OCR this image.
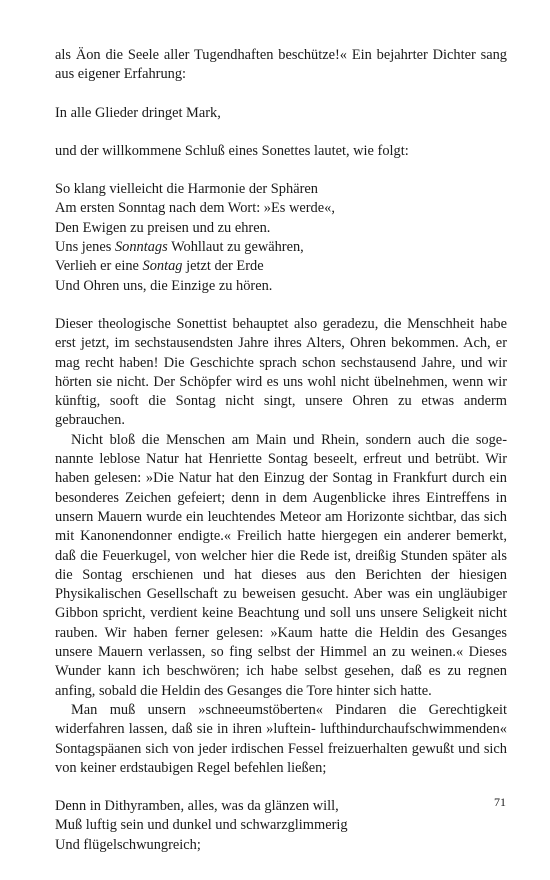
als Äon die Seele aller Tugendhaften beschütze!« Ein bejahrter Dichter sang aus eigener Erfahrung:

In alle Glieder dringet Mark,

und der willkommene Schluß eines Sonettes lautet, wie folgt:

So klang vielleicht die Harmonie der Sphären
Am ersten Sonntag nach dem Wort: »Es werde«,
Den Ewigen zu preisen und zu ehren.
Uns jenes Sonntags Wohllaut zu gewähren,
Verlieh er eine Sontag jetzt der Erde
Und Ohren uns, die Einzige zu hören.

Dieser theologische Sonettist behauptet also geradezu, die Menschheit habe erst jetzt, im sechstausendsten Jahre ihres Alters, Ohren bekommen. Ach, er mag recht haben! Die Geschichte sprach schon sechstausend Jahre, und wir hörten sie nicht. Der Schöpfer wird es uns wohl nicht übelnehmen, wenn wir künftig, sooft die Sontag nicht singt, unsere Ohren zu etwas anderm gebrauchen.

Nicht bloß die Menschen am Main und Rhein, sondern auch die sogenannte leblose Natur hat Henriette Sontag beseelt, erfreut und betrübt. Wir haben gelesen: »Die Natur hat den Einzug der Sontag in Frankfurt durch ein besonderes Zeichen gefeiert; denn in dem Augenblicke ihres Eintreffens in unsern Mauern wurde ein leuchtendes Meteor am Horizonte sichtbar, das sich mit Kanonendonner endigte.« Freilich hatte hiergegen ein anderer bemerkt, daß die Feuerkugel, von welcher hier die Rede ist, dreißig Stunden später als die Sontag erschienen und hat dieses aus den Berichten der hiesigen Physikalischen Gesellschaft zu beweisen gesucht. Aber was ein ungläubiger Gibbon spricht, verdient keine Beachtung und soll uns unsere Seligkeit nicht rauben. Wir haben ferner gelesen: »Kaum hatte die Heldin des Gesanges unsere Mauern verlassen, so fing selbst der Himmel an zu weinen.« Dieses Wunder kann ich beschwören; ich habe selbst gesehen, daß es zu regnen anfing, sobald die Heldin des Gesanges die Tore hinter sich hatte.

Man muß unsern »schneeumstöberten« Pindaren die Gerechtigkeit widerfahren lassen, daß sie in ihren »luftein- lufthindurchaufschwimmenden« Sontagspäanen sich von jeder irdischen Fessel freizuerhalten gewußt und sich von keiner erdstaubigen Regel befehlen ließen;

Denn in Dithyramben, alles, was da glänzen will,
Muß luftig sein und dunkel und schwarzglimmerig
Und flügelschwungreich;
71
